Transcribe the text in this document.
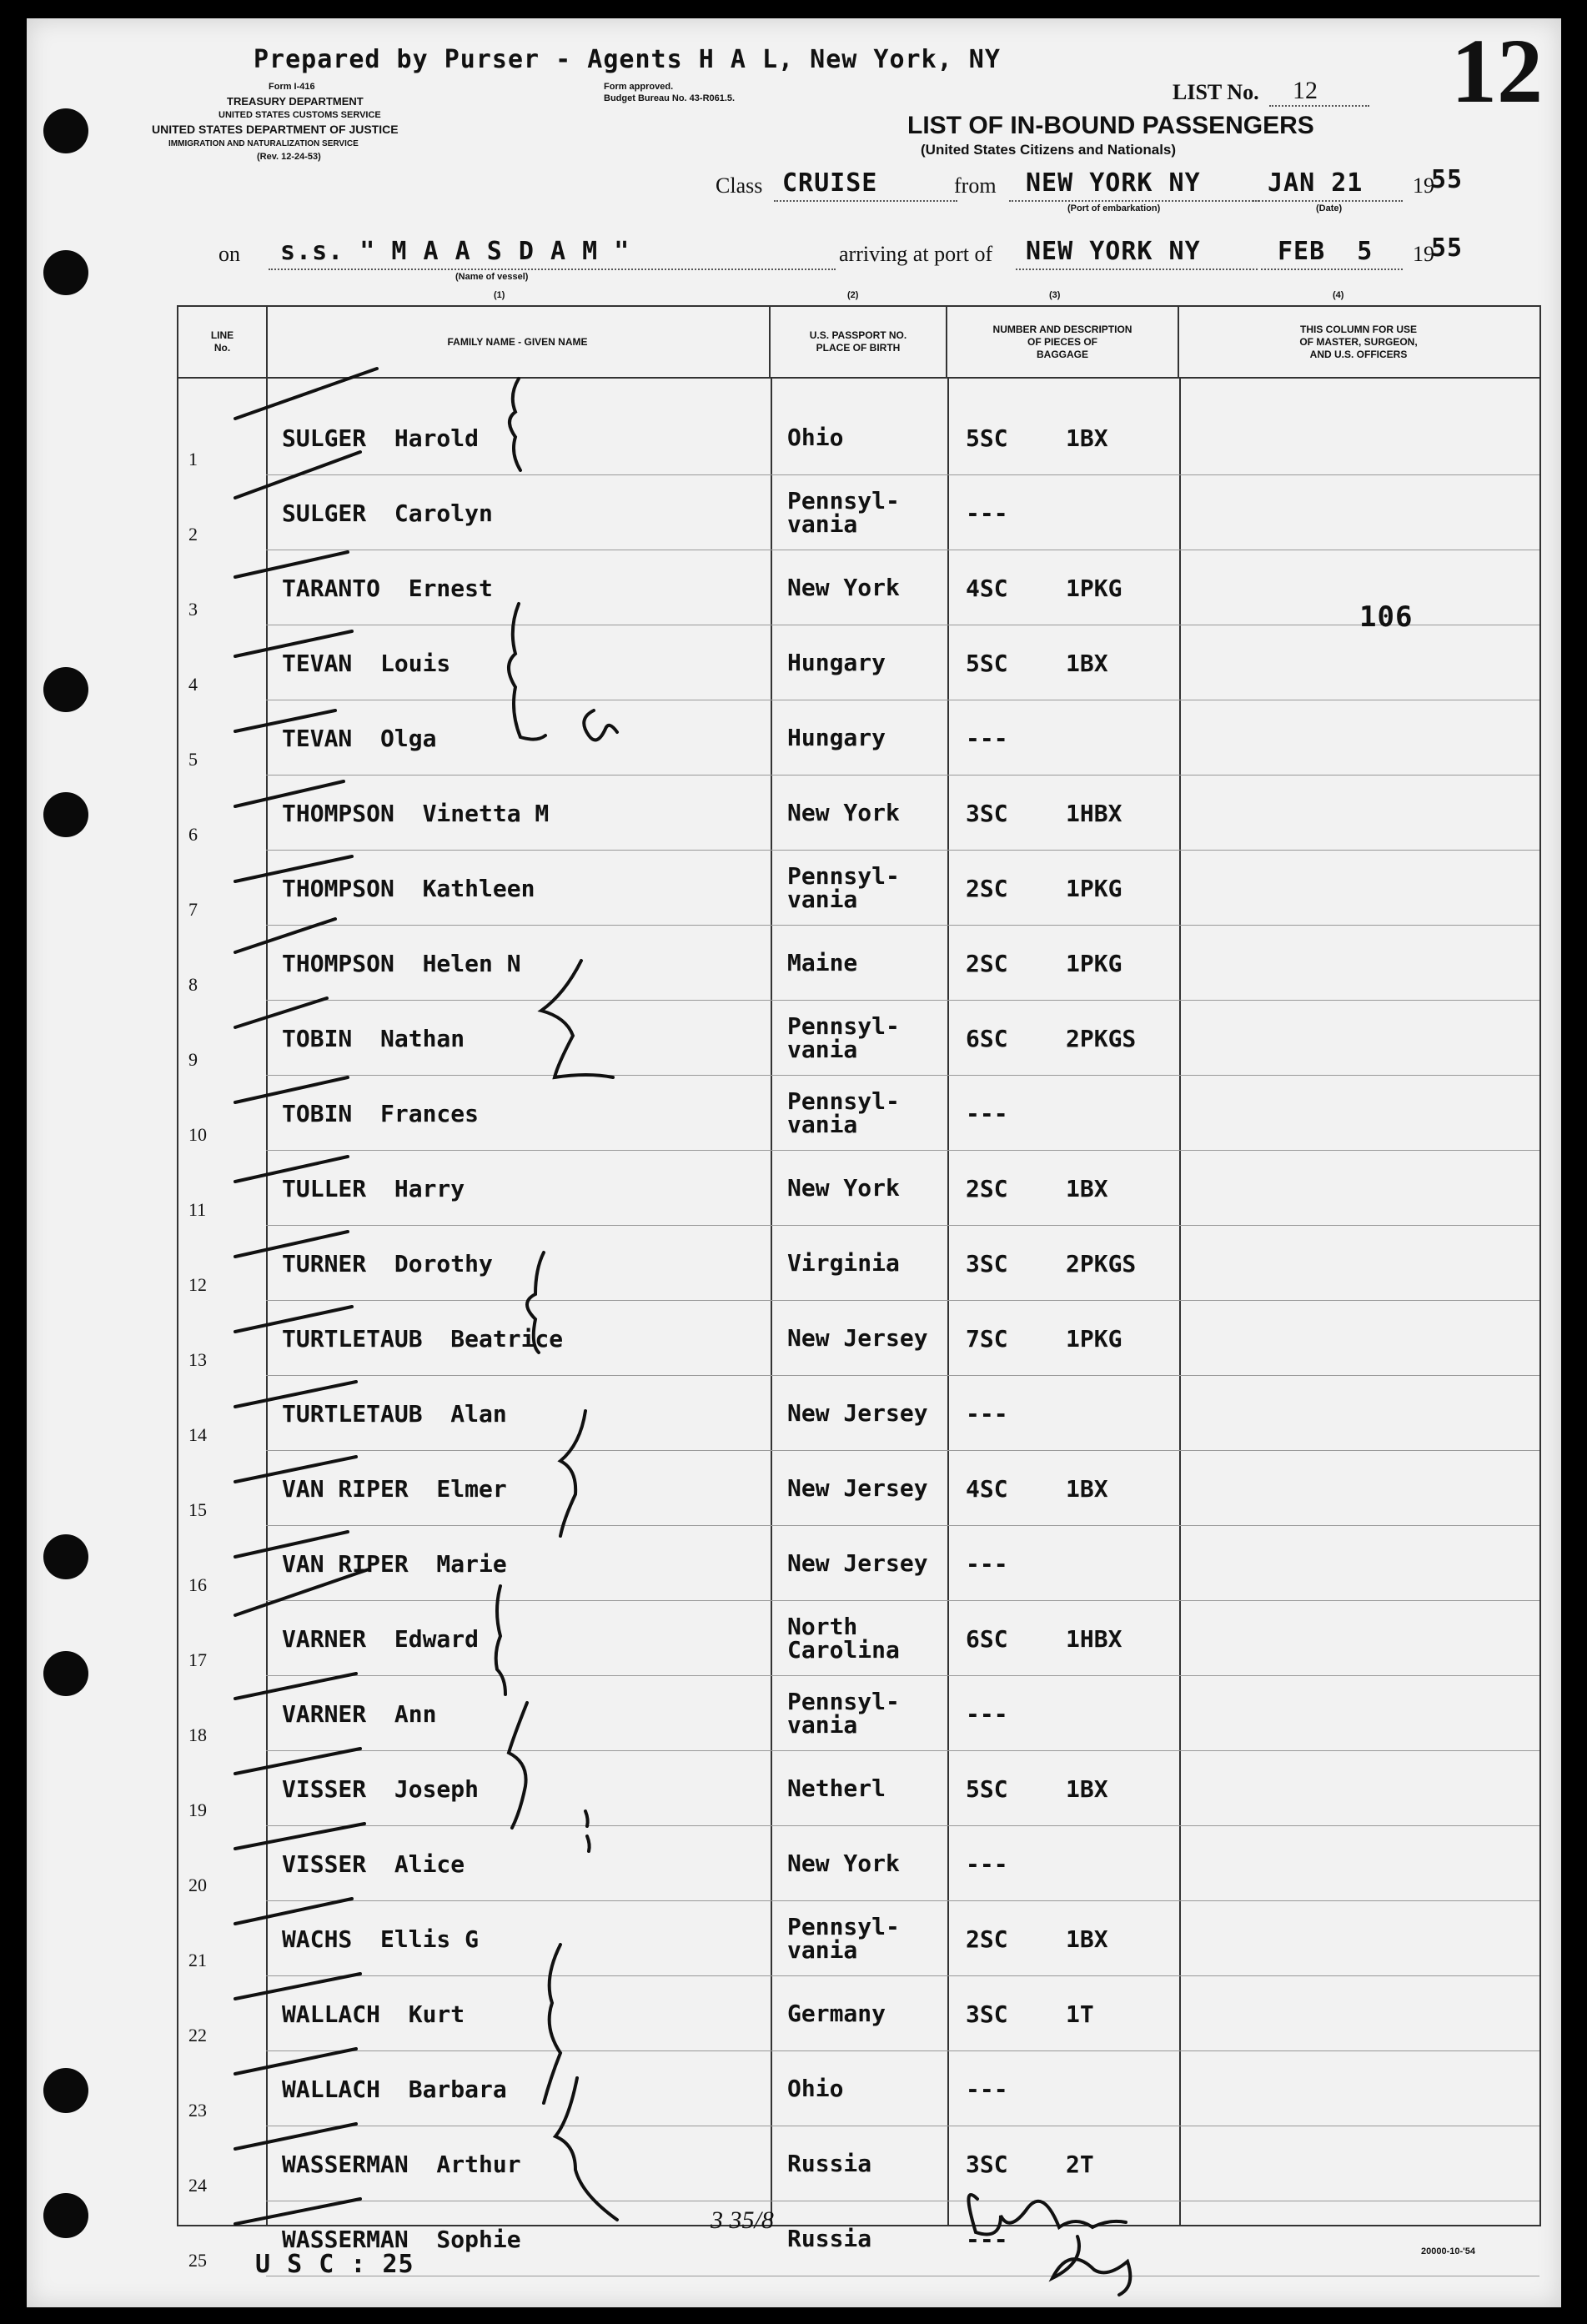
Prepared by Purser - Agents H A L, New York, NY
Form I-416
TREASURY DEPARTMENT
UNITED STATES CUSTOMS SERVICE
UNITED STATES DEPARTMENT OF JUSTICE
IMMIGRATION AND NATURALIZATION SERVICE
(Rev. 12-24-53)
Form approved.
Budget Bureau No. 43-R061.5.	LIST No. 12 12
LIST OF IN-BOUND PASSENGERS
(United States Citizens and Nationals)
Class CRUISE	from NEW YORK NY	JAN 21 19
55
(Port of embarkation)	(Date)
on s.s. " M A A S D A M "
(Name of vessel)
arriving at port of NEW YORK NY	FEB  5 19
55
(1)	(2)	(3)	(4)
LINE
No.
FAMILY NAME - GIVEN NAME
U.S. PASSPORT NO.
PLACE OF BIRTH
NUMBER AND DESCRIPTION
OF PIECES OF
BAGGAGE
THIS COLUMN FOR USE
OF MASTER, SURGEON,
AND U.S. OFFICERS
1
SULGER  Harold	Ohio	5SC 1BX
2
SULGER  Carolyn	Pennsyl-
vania	---
3
TARANTO  Ernest	New York	4SC 1PKG
4
TEVAN  Louis	Hungary	5SC 1BX
5
TEVAN  Olga	Hungary	---
6
THOMPSON  Vinetta M	New York	3SC 1HBX
7
THOMPSON  Kathleen	Pennsyl-
vania	2SC 1PKG
8
THOMPSON  Helen N	Maine	2SC 1PKG
9
TOBIN  Nathan	Pennsyl-
vania	6SC 2PKGS
10
TOBIN  Frances	Pennsyl-
vania	---
11
TULLER  Harry	New York	2SC 1BX
12
TURNER  Dorothy	Virginia	3SC 2PKGS
13
TURTLETAUB  Beatrice	New Jersey 7SC 1PKG
14
TURTLETAUB  Alan	New Jersey ---
15
VAN RIPER  Elmer	New Jersey 4SC 1BX
16
VAN RIPER  Marie	New Jersey ---
17
VARNER  Edward	North
Carolina	6SC 1HBX
18
VARNER  Ann	Pennsyl-
vania	---
19
VISSER  Joseph	Netherl	5SC 1BX
20
VISSER  Alice	New York	---
21
WACHS  Ellis G	Pennsyl-
vania	2SC 1BX
22
WALLACH  Kurt	Germany	3SC 1T
23
WALLACH  Barbara	Ohio	---
24
WASSERMAN  Arthur	Russia	3SC 2T
25
WASSERMAN  Sophie	Russia	---
106
3 35/8
U S C : 25	20000-10-'54
